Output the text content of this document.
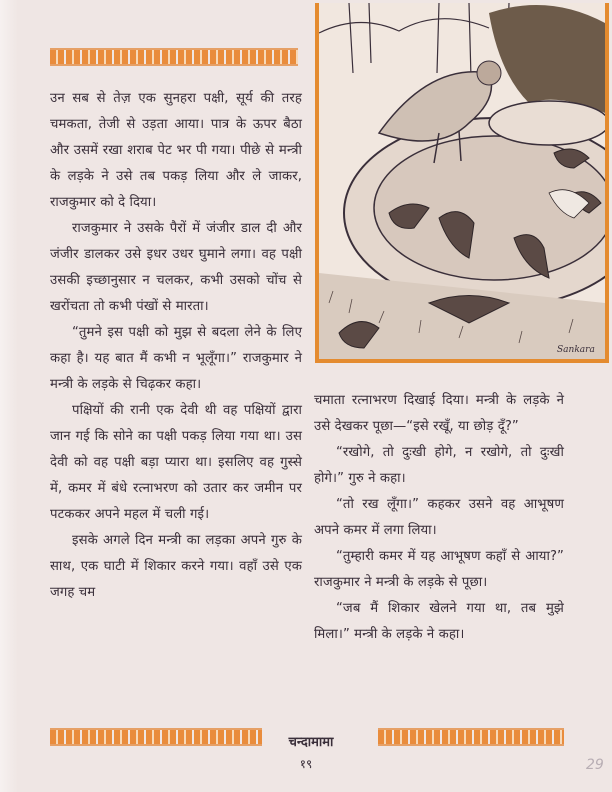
उन सब से तेज़ एक सुनहरा पक्षी, सूर्य की तरह चमकता, तेजी से उड़ता आया। पात्र के ऊपर बैठा और उसमें रखा शराब पेट भर पी गया। पीछे से मन्त्री के लड़के ने उसे तब पकड़ लिया और ले जाकर, राजकुमार को दे दिया।

राजकुमार ने उसके पैरों में जंजीर डाल दी और जंजीर डालकर उसे इधर उधर घुमाने लगा। वह पक्षी उसकी इच्छानुसार न चलकर, कभी उसको चोंच से खरोंचता तो कभी पंखों से मारता।

“तुमने इस पक्षी को मुझ से बदला लेने के लिए कहा है। यह बात मैं कभी न भूलूँगा।” राजकुमार ने मन्त्री के लड़के से चिढ़कर कहा।

पक्षियों की रानी एक देवी थी वह पक्षियों द्वारा जान गई कि सोने का पक्षी पकड़ लिया गया था। उस देवी को वह पक्षी बड़ा प्यारा था। इसलिए वह गुस्से में, कमर में बंधे रत्नाभरण को उतार कर जमीन पर पटककर अपने महल में चली गई।

इसके अगले दिन मन्त्री का लड़का अपने गुरु के साथ, एक घाटी में शिकार करने गया। वहाँ उसे एक जगह चम

Sankara

चमाता रत्नाभरण दिखाई दिया। मन्त्री के लड़के ने उसे देखकर पूछा—“इसे रखूँ, या छोड़ दूँ?”

“रखोगे, तो दुःखी होगे, न रखोगे, तो दुःखी होगे।” गुरु ने कहा।

“तो रख लूँगा।” कहकर उसने वह आभूषण अपने कमर में लगा लिया।

“तुम्हारी कमर में यह आभूषण कहाँ से आया?” राजकुमार ने मन्त्री के लड़के से पूछा।

“जब मैं शिकार खेलने गया था, तब मुझे मिला।” मन्त्री के लड़के ने कहा।

चन्दामामा
१९	29
